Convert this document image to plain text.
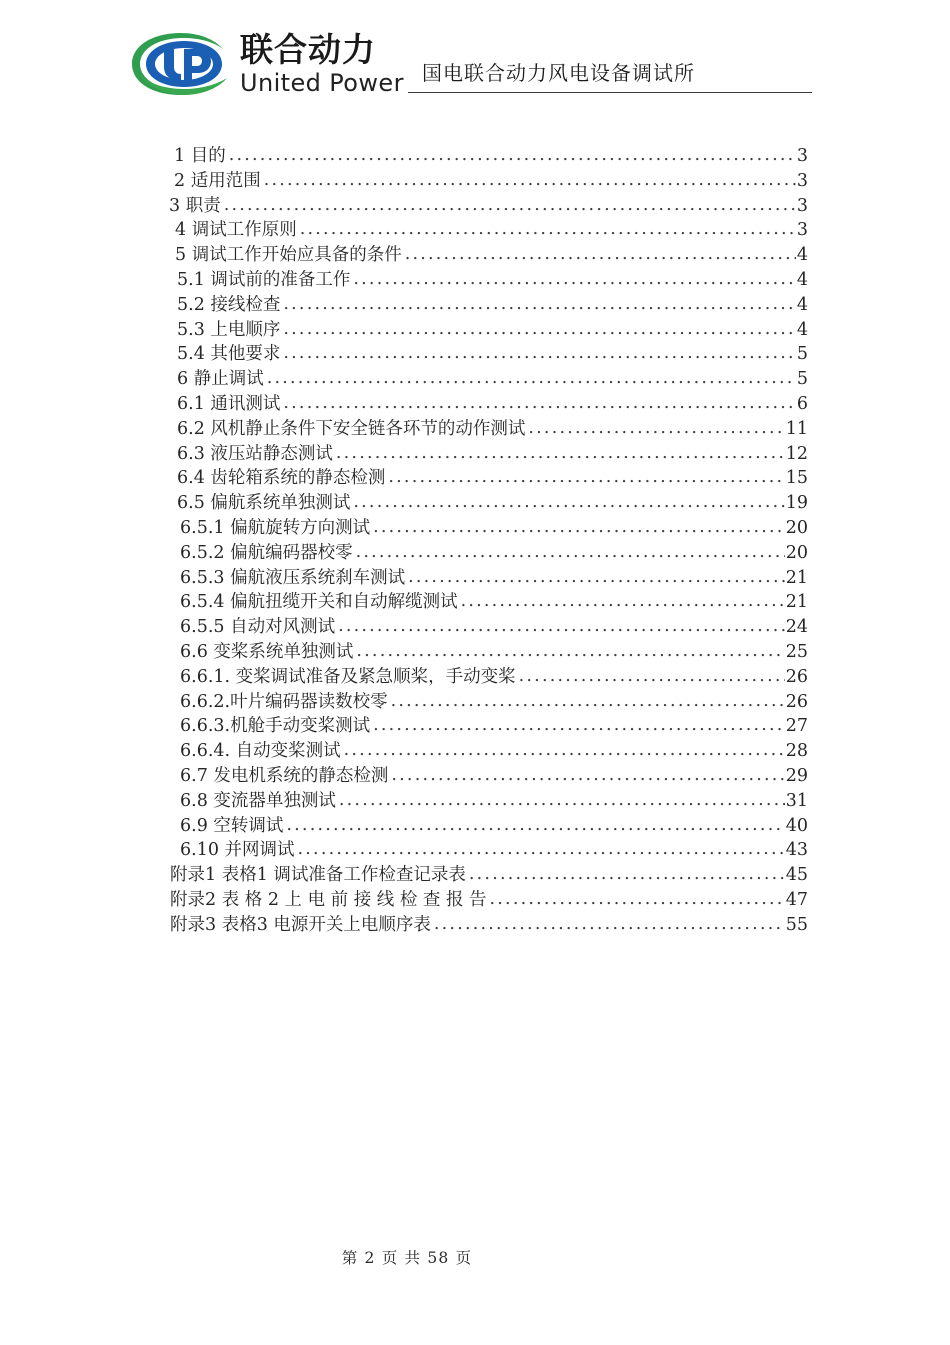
联合动力
United Power 国电联合动力风电设备调试所
1 目的 .....	3
2 适用范围 .....	3
3 职责 .....	3
4 调试工作原则 .....	3
5 调试工作开始应具备的条件 .....	4
5.1 调试前的准备工作 .....	4
5.2 接线检查 .....	4
5.3 上电顺序 .....	4
5.4 其他要求 .....	5
6 静止调试 .....	5
6.1 通讯测试 .....	6
6.2 风机静止条件下安全链各环节的动作测试 .....	11
6.3 液压站静态测试 .....	12
6.4 齿轮箱系统的静态检测 .....	15
6.5 偏航系统单独测试 .....	19
6.5.1 偏航旋转方向测试 .....	20
6.5.2 偏航编码器校零 .....	20
6.5.3 偏航液压系统刹车测试 .....	21
6.5.4 偏航扭缆开关和自动解缆测试 .....	21
6.5.5 自动对风测试 .....	24
6.6 变桨系统单独测试 .....	25
6.6.1. 变桨调试准备及紧急顺桨，手动变桨 .....	26
6.6.2.叶片编码器读数校零 .....	26
6.6.3.机舱手动变桨测试 .....	27
6.6.4. 自动变桨测试 .....	28
6.7 发电机系统的静态检测 .....	29
6.8 变流器单独测试 .....	31
6.9 空转调试 .....	40
6.10 并网调试 .....	43
附录1 表格1 调试准备工作检查记录表 .....	45
附录2 表 格 2 上 电 前 接 线 检 查 报 告 .....	47
附录3 表格3 电源开关上电顺序表 .....	55
第 2 页 共 58 页
